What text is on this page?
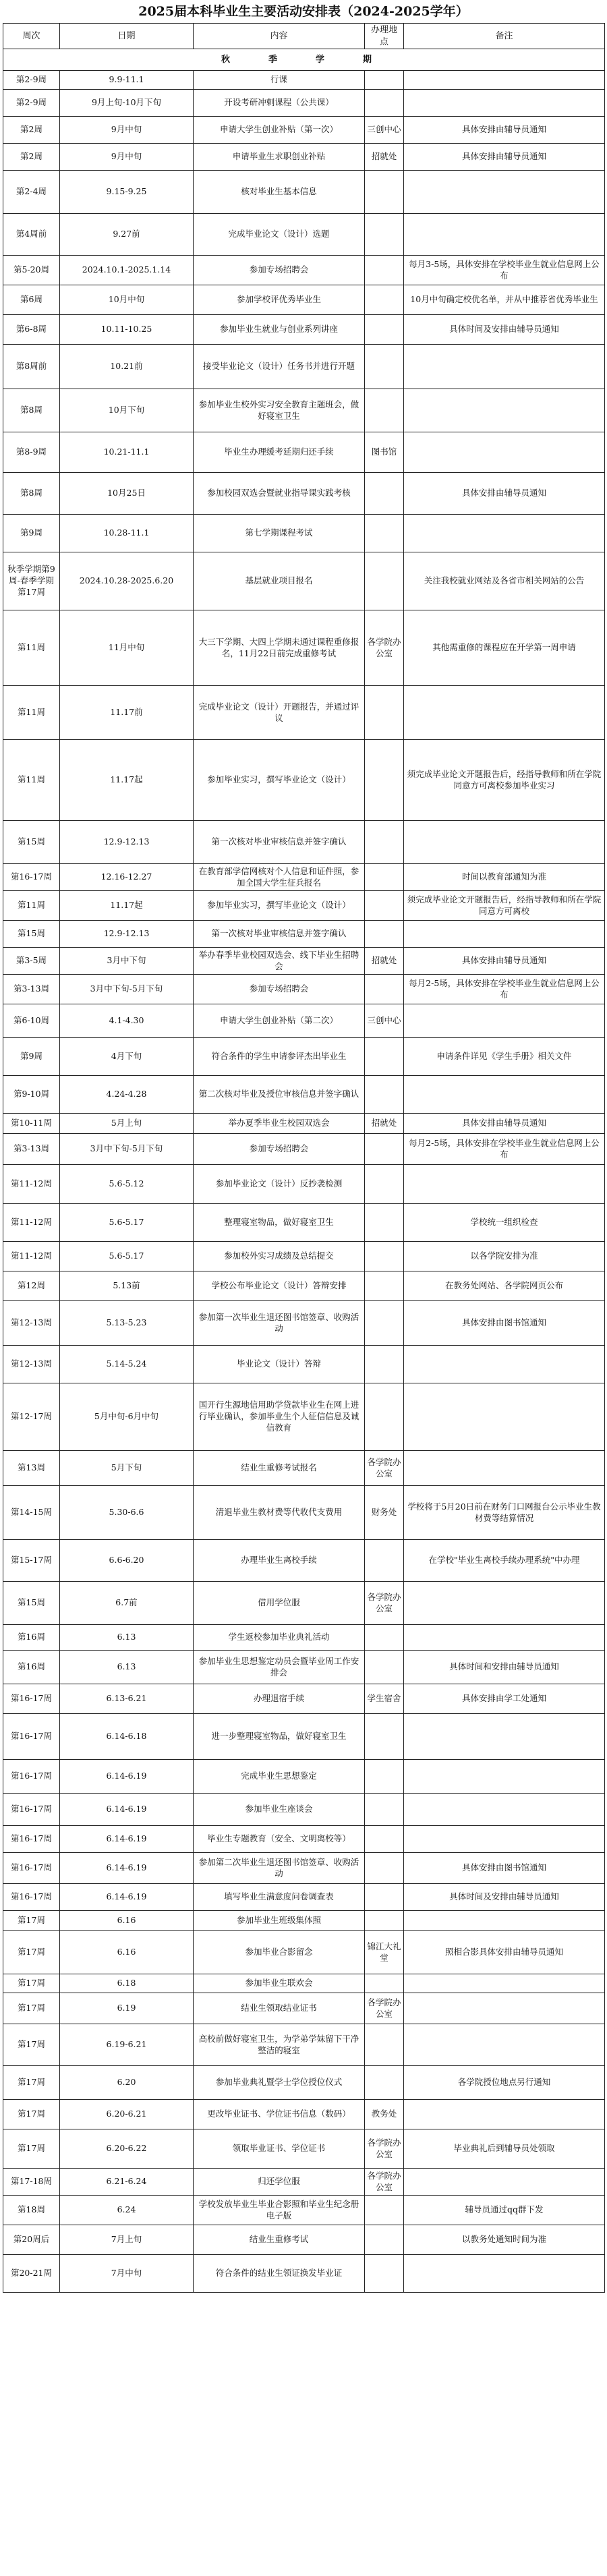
2025届本科毕业生主要活动安排表（2024-2025学年）
周次	日期	内容	办理地点	备注
秋　季　学　期				
第2-9周	9.9-11.1	行课		
第2-9周	9月上旬-10月下旬	开设考研冲刺课程（公共课）		
第2周	9月中旬	申请大学生创业补贴（第一次）	三创中心	具体安排由辅导员通知
第2周	9月中旬	申请毕业生求职创业补贴	招就处	具体安排由辅导员通知
第2-4周	9.15-9.25	核对毕业生基本信息		
第4周前	9.27前	完成毕业论文（设计）选题		
第5-20周	2024.10.1-2025.1.14	参加专场招聘会		每月3-5场，具体安排在学校毕业生就业信息网上公布
第6周	10月中旬	参加学校评优秀毕业生		10月中旬确定校优名单，并从中推荐省优秀毕业生
第6-8周	10.11-10.25	参加毕业生就业与创业系列讲座		具体时间及安排由辅导员通知
第8周前	10.21前	接受毕业论文（设计）任务书并进行开题		
第8周	10月下旬	参加毕业生校外实习安全教育主题班会，做好寝室卫生		
第8-9周	10.21-11.1	毕业生办理缓考延期归还手续	图书馆	
第8周	10月25日	参加校园双选会暨就业指导课实践考核		具体安排由辅导员通知
第9周	10.28-11.1	第七学期课程考试		
秋季学期第9周-春季学期第17周	2024.10.28-2025.6.20	基层就业项目报名		关注我校就业网站及各省市相关网站的公告
第11周	11月中旬	大三下学期、大四上学期未通过课程重修报名，11月22日前完成重修考试	各学院办公室	其他需重修的课程应在开学第一周申请
第11周	11.17前	完成毕业论文（设计）开题报告，并通过评议		
第11周	11.17起	参加毕业实习，撰写毕业论文（设计）		须完成毕业论文开题报告后，经指导教师和所在学院同意方可离校参加毕业实习
第15周	12.9-12.13	第一次核对毕业审核信息并签字确认		
第16-17周	12.16-12.27	在教育部学信网核对个人信息和证件照，参加全国大学生征兵报名		时间以教育部通知为准
第11周	11.17起	参加毕业实习，撰写毕业论文（设计）		须完成毕业论文开题报告后，经指导教师和所在学院同意方可离校
第15周	12.9-12.13	第一次核对毕业审核信息并签字确认		
第3-5周	3月中下旬	举办春季毕业校园双选会、线下毕业生招聘会	招就处	具体安排由辅导员通知
第3-13周	3月中下旬-5月下旬	参加专场招聘会		每月2-5场，具体安排在学校毕业生就业信息网上公布
第6-10周	4.1-4.30	申请大学生创业补贴（第二次）	三创中心	
第9周	4月下旬	符合条件的学生申请参评杰出毕业生		申请条件详见《学生手册》相关文件
第9-10周	4.24-4.28	第二次核对毕业及授位审核信息并签字确认		
第10-11周	5月上旬	举办夏季毕业生校园双选会	招就处	具体安排由辅导员通知
第3-13周	3月中下旬-5月下旬	参加专场招聘会		每月2-5场，具体安排在学校毕业生就业信息网上公布
第11-12周	5.6-5.12	参加毕业论文（设计）反抄袭检测		
第11-12周	5.6-5.17	整理寝室物品，做好寝室卫生		学校统一组织检查
第11-12周	5.6-5.17	参加校外实习成绩及总结提交		以各学院安排为准
第12周	5.13前	学校公布毕业论文（设计）答辩安排		在教务处网站、各学院网页公布
第12-13周	5.13-5.23	参加第一次毕业生退还图书馆签章、收购活动		具体安排由图书馆通知
第12-13周	5.14-5.24	毕业论文（设计）答辩		
第12-17周	5月中旬-6月中旬	国开行生源地信用助学贷款毕业生在网上进行毕业确认，参加毕业生个人征信信息及诚信教育		
第13周	5月下旬	结业生重修考试报名	各学院办公室	
第14-15周	5.30-6.6	清退毕业生教材费等代收代支费用	财务处	学校将于5月20日前在财务门口网报台公示毕业生教材费等结算情况
第15-17周	6.6-6.20	办理毕业生离校手续		在学校"毕业生离校手续办理系统"中办理
第15周	6.7前	借用学位服	各学院办公室	
第16周	6.13	学生返校参加毕业典礼活动		
第16周	6.13	参加毕业生思想鉴定动员会暨毕业周工作安排会		具体时间和安排由辅导员通知
第16-17周	6.13-6.21	办理退宿手续	学生宿舍	具体安排由学工处通知
第16-17周	6.14-6.18	进一步整理寝室物品，做好寝室卫生		
第16-17周	6.14-6.19	完成毕业生思想鉴定		
第16-17周	6.14-6.19	参加毕业生座谈会		
第16-17周	6.14-6.19	毕业生专题教育（安全、文明离校等）		
第16-17周	6.14-6.19	参加第二次毕业生退还图书馆签章、收购活动		具体安排由图书馆通知
第16-17周	6.14-6.19	填写毕业生满意度问卷调查表		具体时间及安排由辅导员通知
第17周	6.16	参加毕业生班级集体照		
第17周	6.16	参加毕业合影留念	锦江大礼堂	照相合影具体安排由辅导员通知
第17周	6.18	参加毕业生联欢会		
第17周	6.19	结业生领取结业证书	各学院办公室	
第17周	6.19-6.21	高校前做好寝室卫生，为学弟学妹留下干净整洁的寝室		
第17周	6.20	参加毕业典礼暨学士学位授位仪式		各学院授位地点另行通知
第17周	6.20-6.21	更改毕业证书、学位证书信息（数码）	教务处	
第17周	6.20-6.22	领取毕业证书、学位证书	各学院办公室	毕业典礼后到辅导员处领取
第17-18周	6.21-6.24	归还学位服	各学院办公室	
第18周	6.24	学校发放毕业生毕业合影照和毕业生纪念册电子版		辅导员通过qq群下发
第20周后	7月上旬	结业生重修考试		以教务处通知时间为准
第20-21周	7月中旬	符合条件的结业生领证换发毕业证		
